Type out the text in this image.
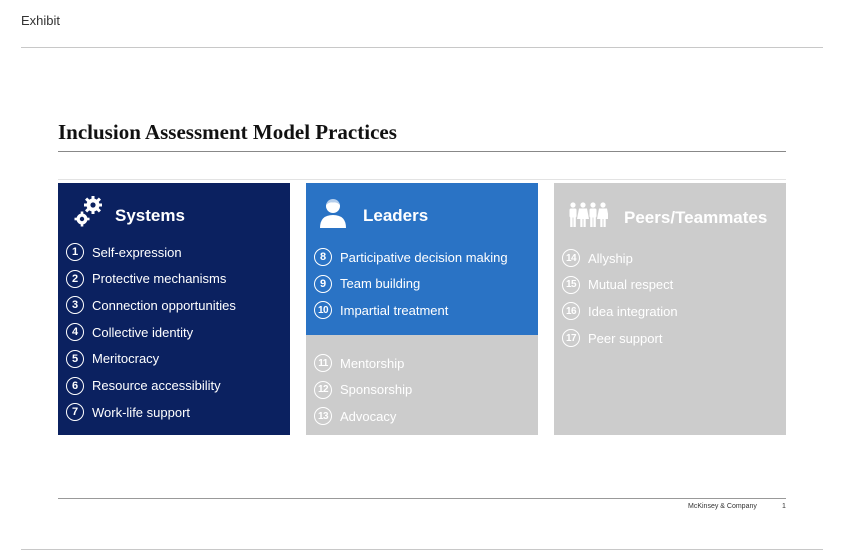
Exhibit
Inclusion Assessment Model Practices
Systems
1	Self-expression
2	Protective mechanisms
3	Connection opportunities
4	Collective identity
5	Meritocracy
6	Resource accessibility
7	Work-life support
Leaders
8	Participative decision making
9	Team building
10 Impartial treatment
11 Mentorship
12 Sponsorship
13 Advocacy
Peers/Teammates
14 Allyship
15 Mutual respect
16 Idea integration
17 Peer support
McKinsey & Company	1
